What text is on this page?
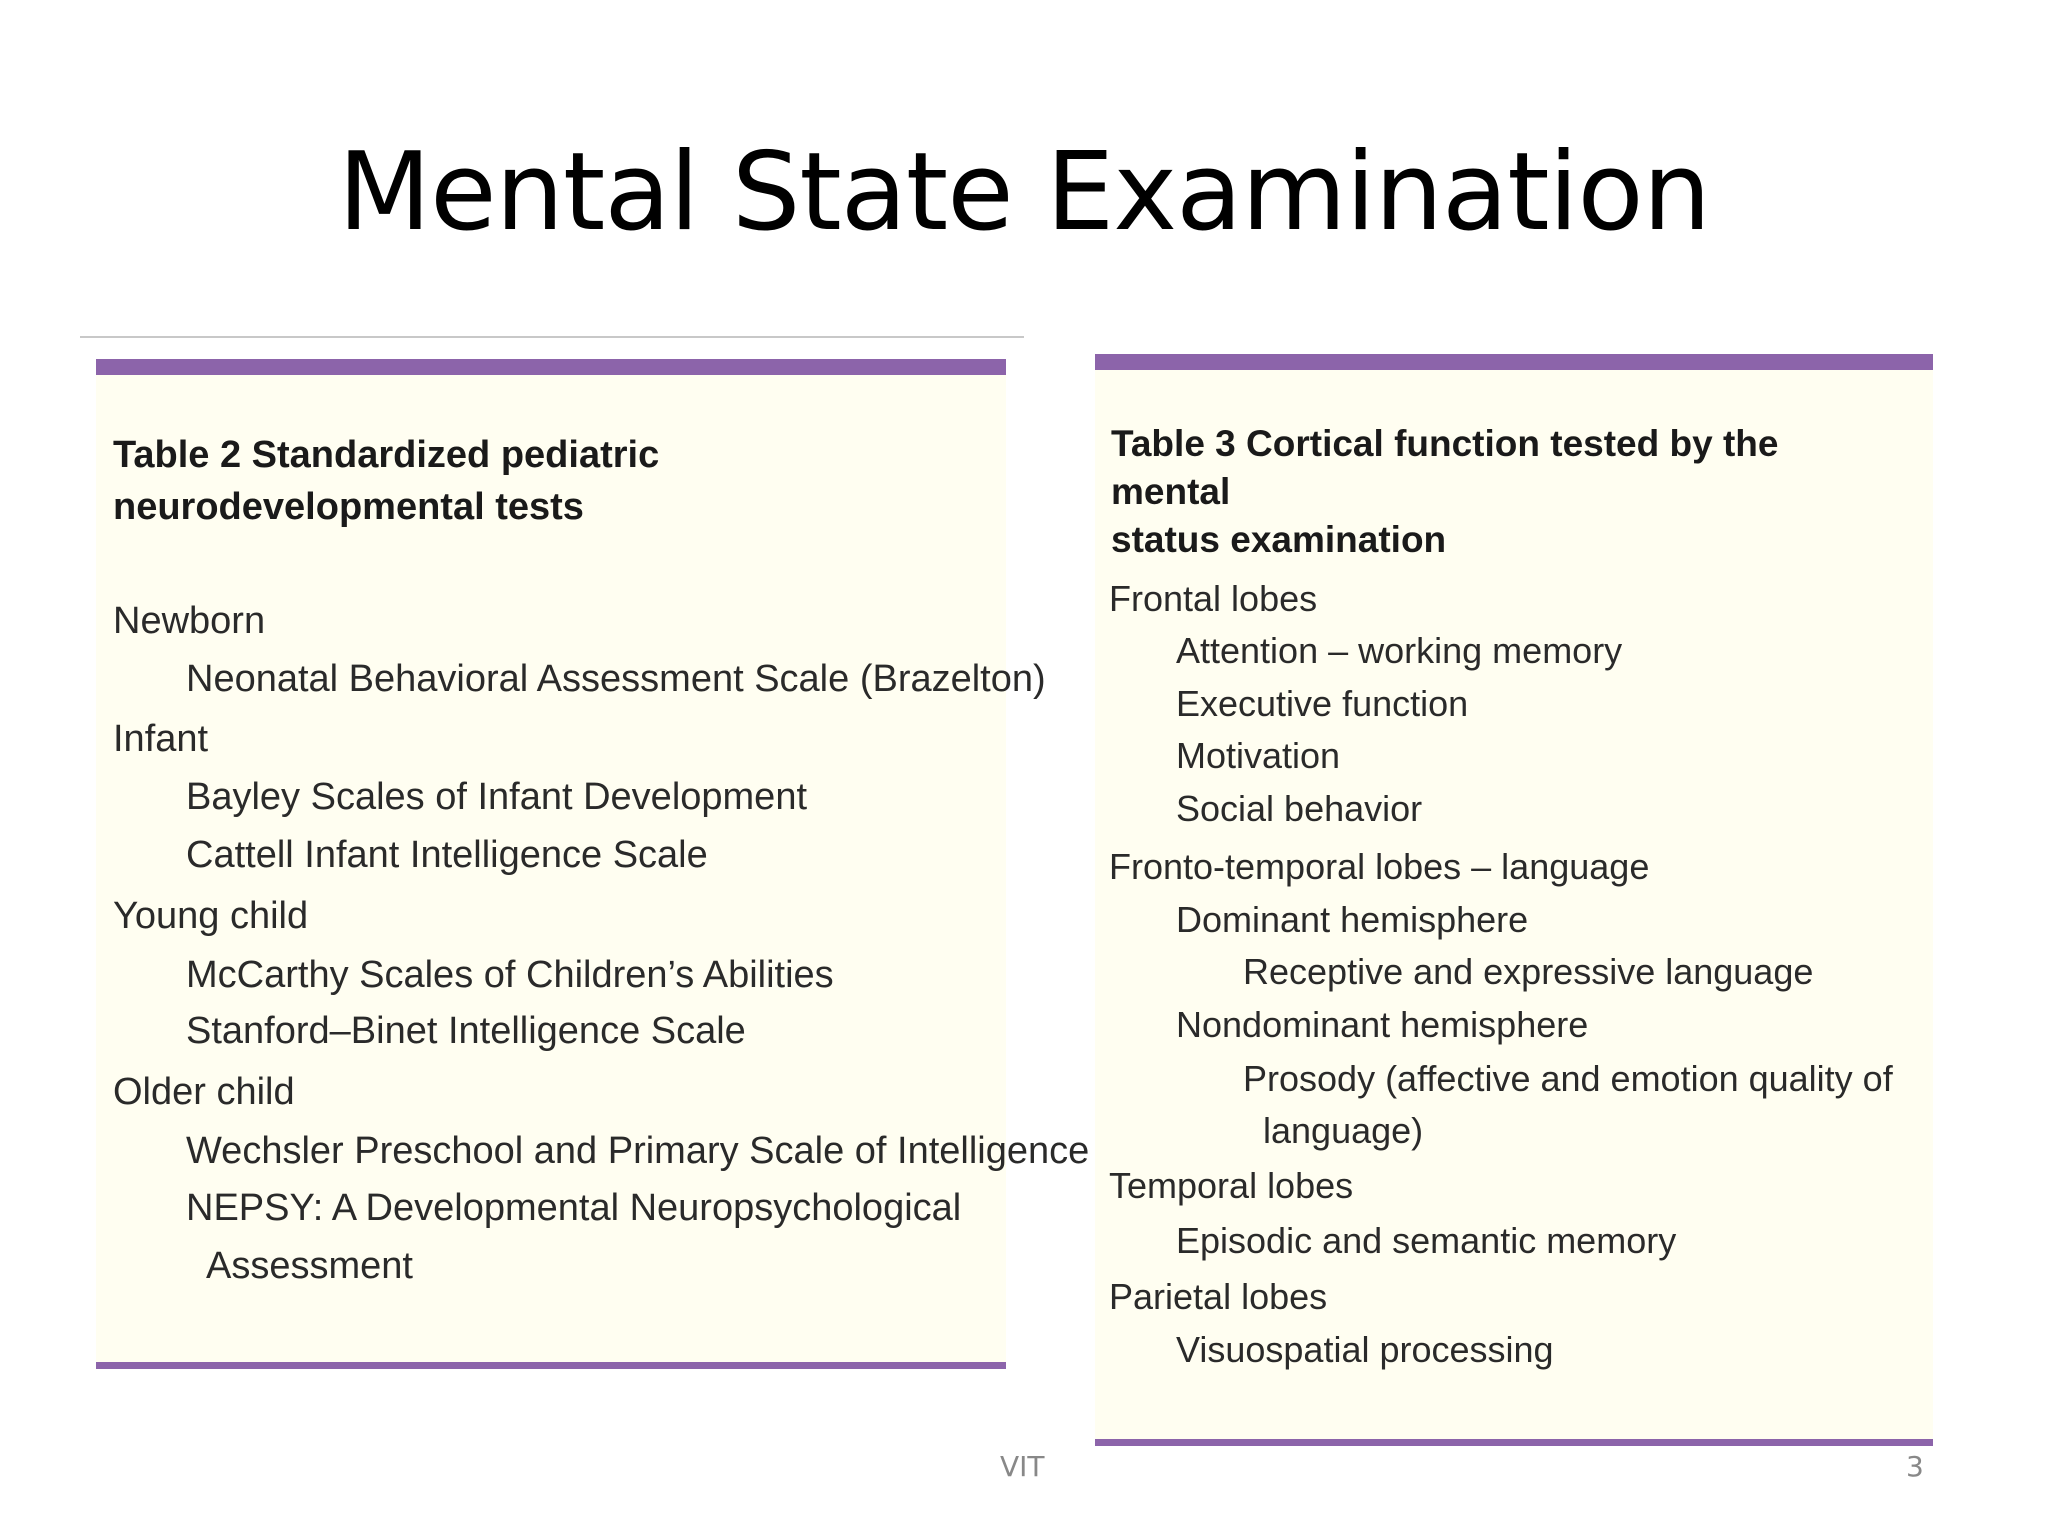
Mental State Examination
Table 2 Standardized pediatric
neurodevelopmental tests
Newborn
Neonatal Behavioral Assessment Scale (Brazelton)
Infant
Bayley Scales of Infant Development
Cattell Infant Intelligence Scale
Young child
McCarthy Scales of Children’s Abilities
Stanford–Binet Intelligence Scale
Older child
Wechsler Preschool and Primary Scale of Intelligence
NEPSY: A Developmental Neuropsychological
Assessment
Table 3 Cortical function tested by the mental
status examination
Frontal lobes
Attention – working memory
Executive function
Motivation
Social behavior
Fronto-temporal lobes – language
Dominant hemisphere
Receptive and expressive language
Nondominant hemisphere
Prosody (affective and emotion quality of
language)
Temporal lobes
Episodic and semantic memory
Parietal lobes
Visuospatial processing
VIT	3
